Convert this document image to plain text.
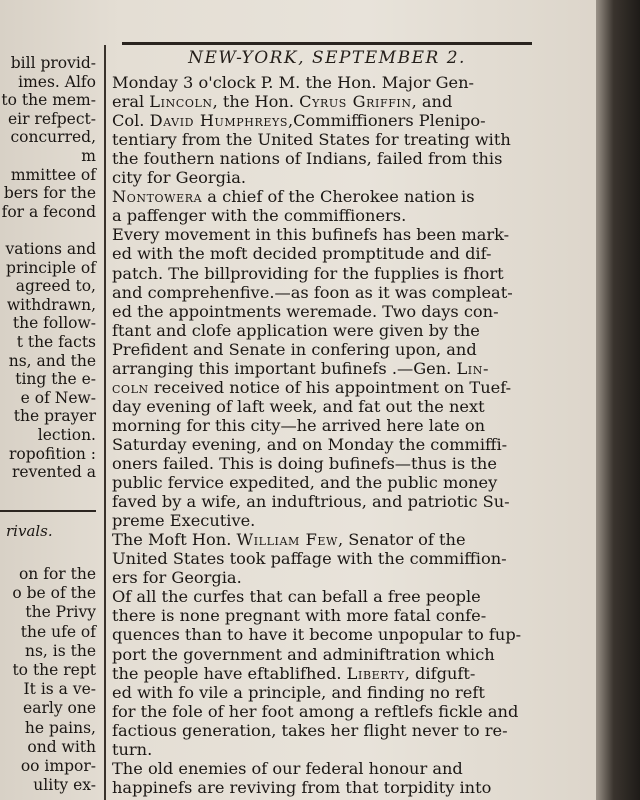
bill provid-
imes. Alfo
to the mem-
eir refpect-
concurred,
m
mmittee of
bers for the
for a fecond
vations and
principle of
agreed to,
withdrawn,
the follow-
t the facts
ns, and the
ting the e-
e of New-
the prayer
lection.
ropofition :
revented a
rivals.
on for the
o be of the
the Privy
the ufe of
ns, is the
to the rept
It is a ve-
early one
he pains,
ond with
oo impor-
ulity ex-
NEW-YORK, SEPTEMBER 2.
Monday 3 o'clock P. M. the Hon. Major Gen-
eral Lincoln, the Hon. Cyrus Griffin, and
Col. David Humphreys,Commiffioners Plenipo-
tentiary from the United States for treating with
the fouthern nations of Indians, failed from this
city for Georgia.
Nontowera a chief of the Cherokee nation is
a paffenger with the commiffioners.
Every movement in this bufinefs has been mark-
ed with the moft decided promptitude and dif-
patch. The billproviding for the fupplies is fhort
and comprehenfive.—as foon as it was compleat-
ed the appointments weremade. Two days con-
ftant and clofe application were given by the
Prefident and Senate in confering upon, and
arranging this important bufinefs .—Gen. Lin-
coln received notice of his appointment on Tuef-
day evening of laft week, and fat out the next
morning for this city—he arrived here late on
Saturday evening, and on Monday the commiffi-
oners failed. This is doing bufinefs—thus is the
public fervice expedited, and the public money
faved by a wife, an induftrious, and patriotic Su-
preme Executive.
The Moft Hon. William Few, Senator of the
United States took paffage with the commiffion-
ers for Georgia.
Of all the curfes that can befall a free people
there is none pregnant with more fatal confe-
quences than to have it become unpopular to fup-
port the government and adminiftration which
the people have eftablifhed. Liberty, difguft-
ed with fo vile a principle, and finding no reft
for the fole of her foot among a reftlefs fickle and
factious generation, takes her flight never to re-
turn.
The old enemies of our federal honour and
happinefs are reviving from that torpidity into
